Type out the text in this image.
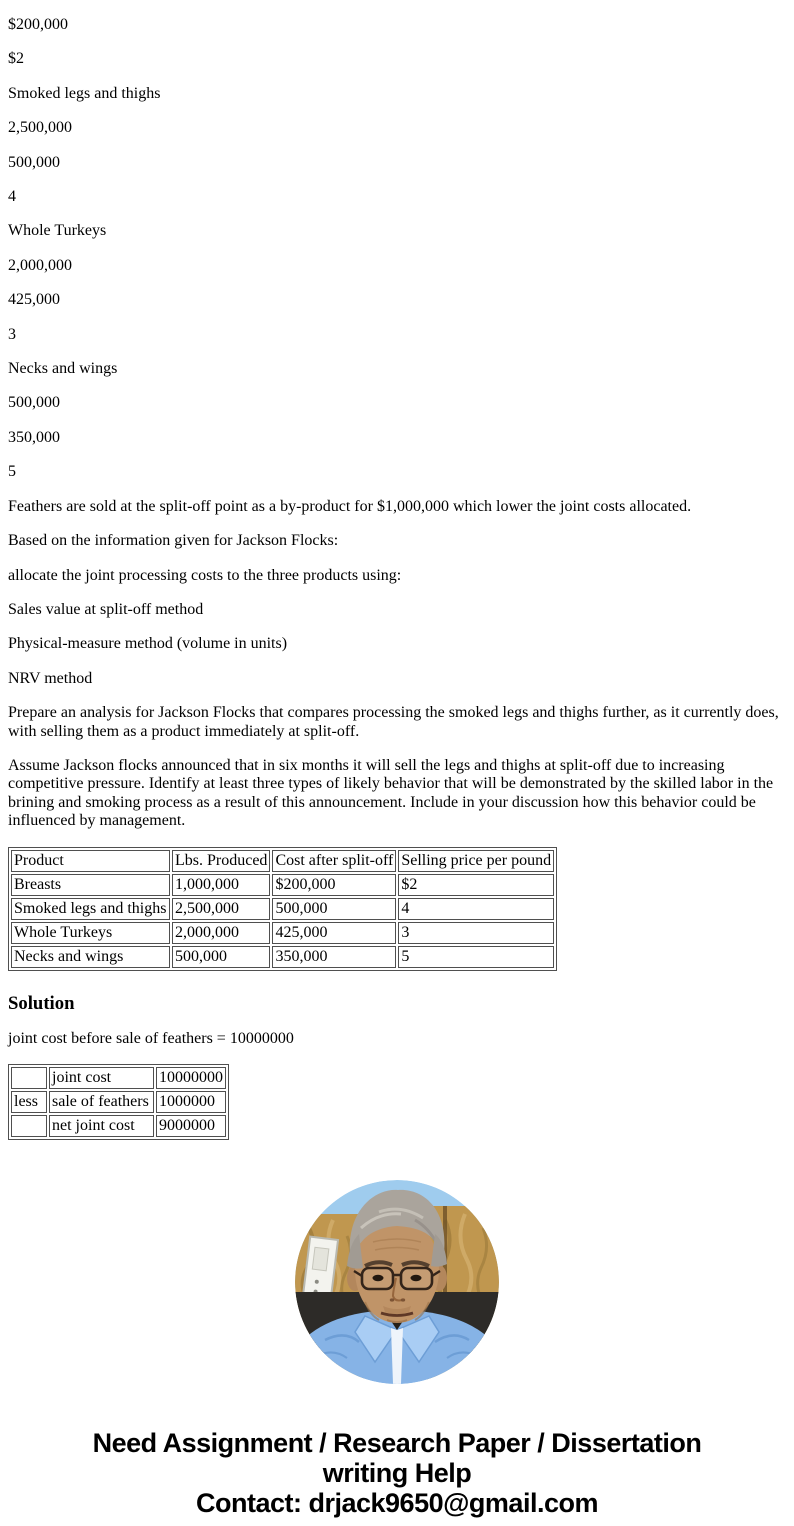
$200,000

$2

Smoked legs and thighs

2,500,000

500,000

4

Whole Turkeys

2,000,000

425,000

3

Necks and wings

500,000

350,000

5

Feathers are sold at the split-off point as a by-product for $1,000,000 which lower the joint costs allocated.

Based on the information given for Jackson Flocks:

allocate the joint processing costs to the three products using:

Sales value at split-off method

Physical-measure method (volume in units)

NRV method

Prepare an analysis for Jackson Flocks that compares processing the smoked legs and thighs further, as it currently does, with selling them as a product immediately at split-off.

Assume Jackson flocks announced that in six months it will sell the legs and thighs at split-off due to increasing competitive pressure. Identify at least three types of likely behavior that will be demonstrated by the skilled labor in the brining and smoking process as a result of this announcement. Include in your discussion how this behavior could be influenced by management.

Product	Lbs. Produced	Cost after split-off	Selling price per pound
Breasts	1,000,000	$200,000	$2
Smoked legs and thighs	2,500,000	500,000	4
Whole Turkeys	2,000,000	425,000	3
Necks and wings	500,000	350,000	5
Solution

joint cost before sale of feathers = 10000000

	joint cost	10000000
less	sale of feathers	1000000
	net joint cost	9000000
Need Assignment / Research Paper / Dissertation
writing Help
Contact: drjack9650@gmail.com
